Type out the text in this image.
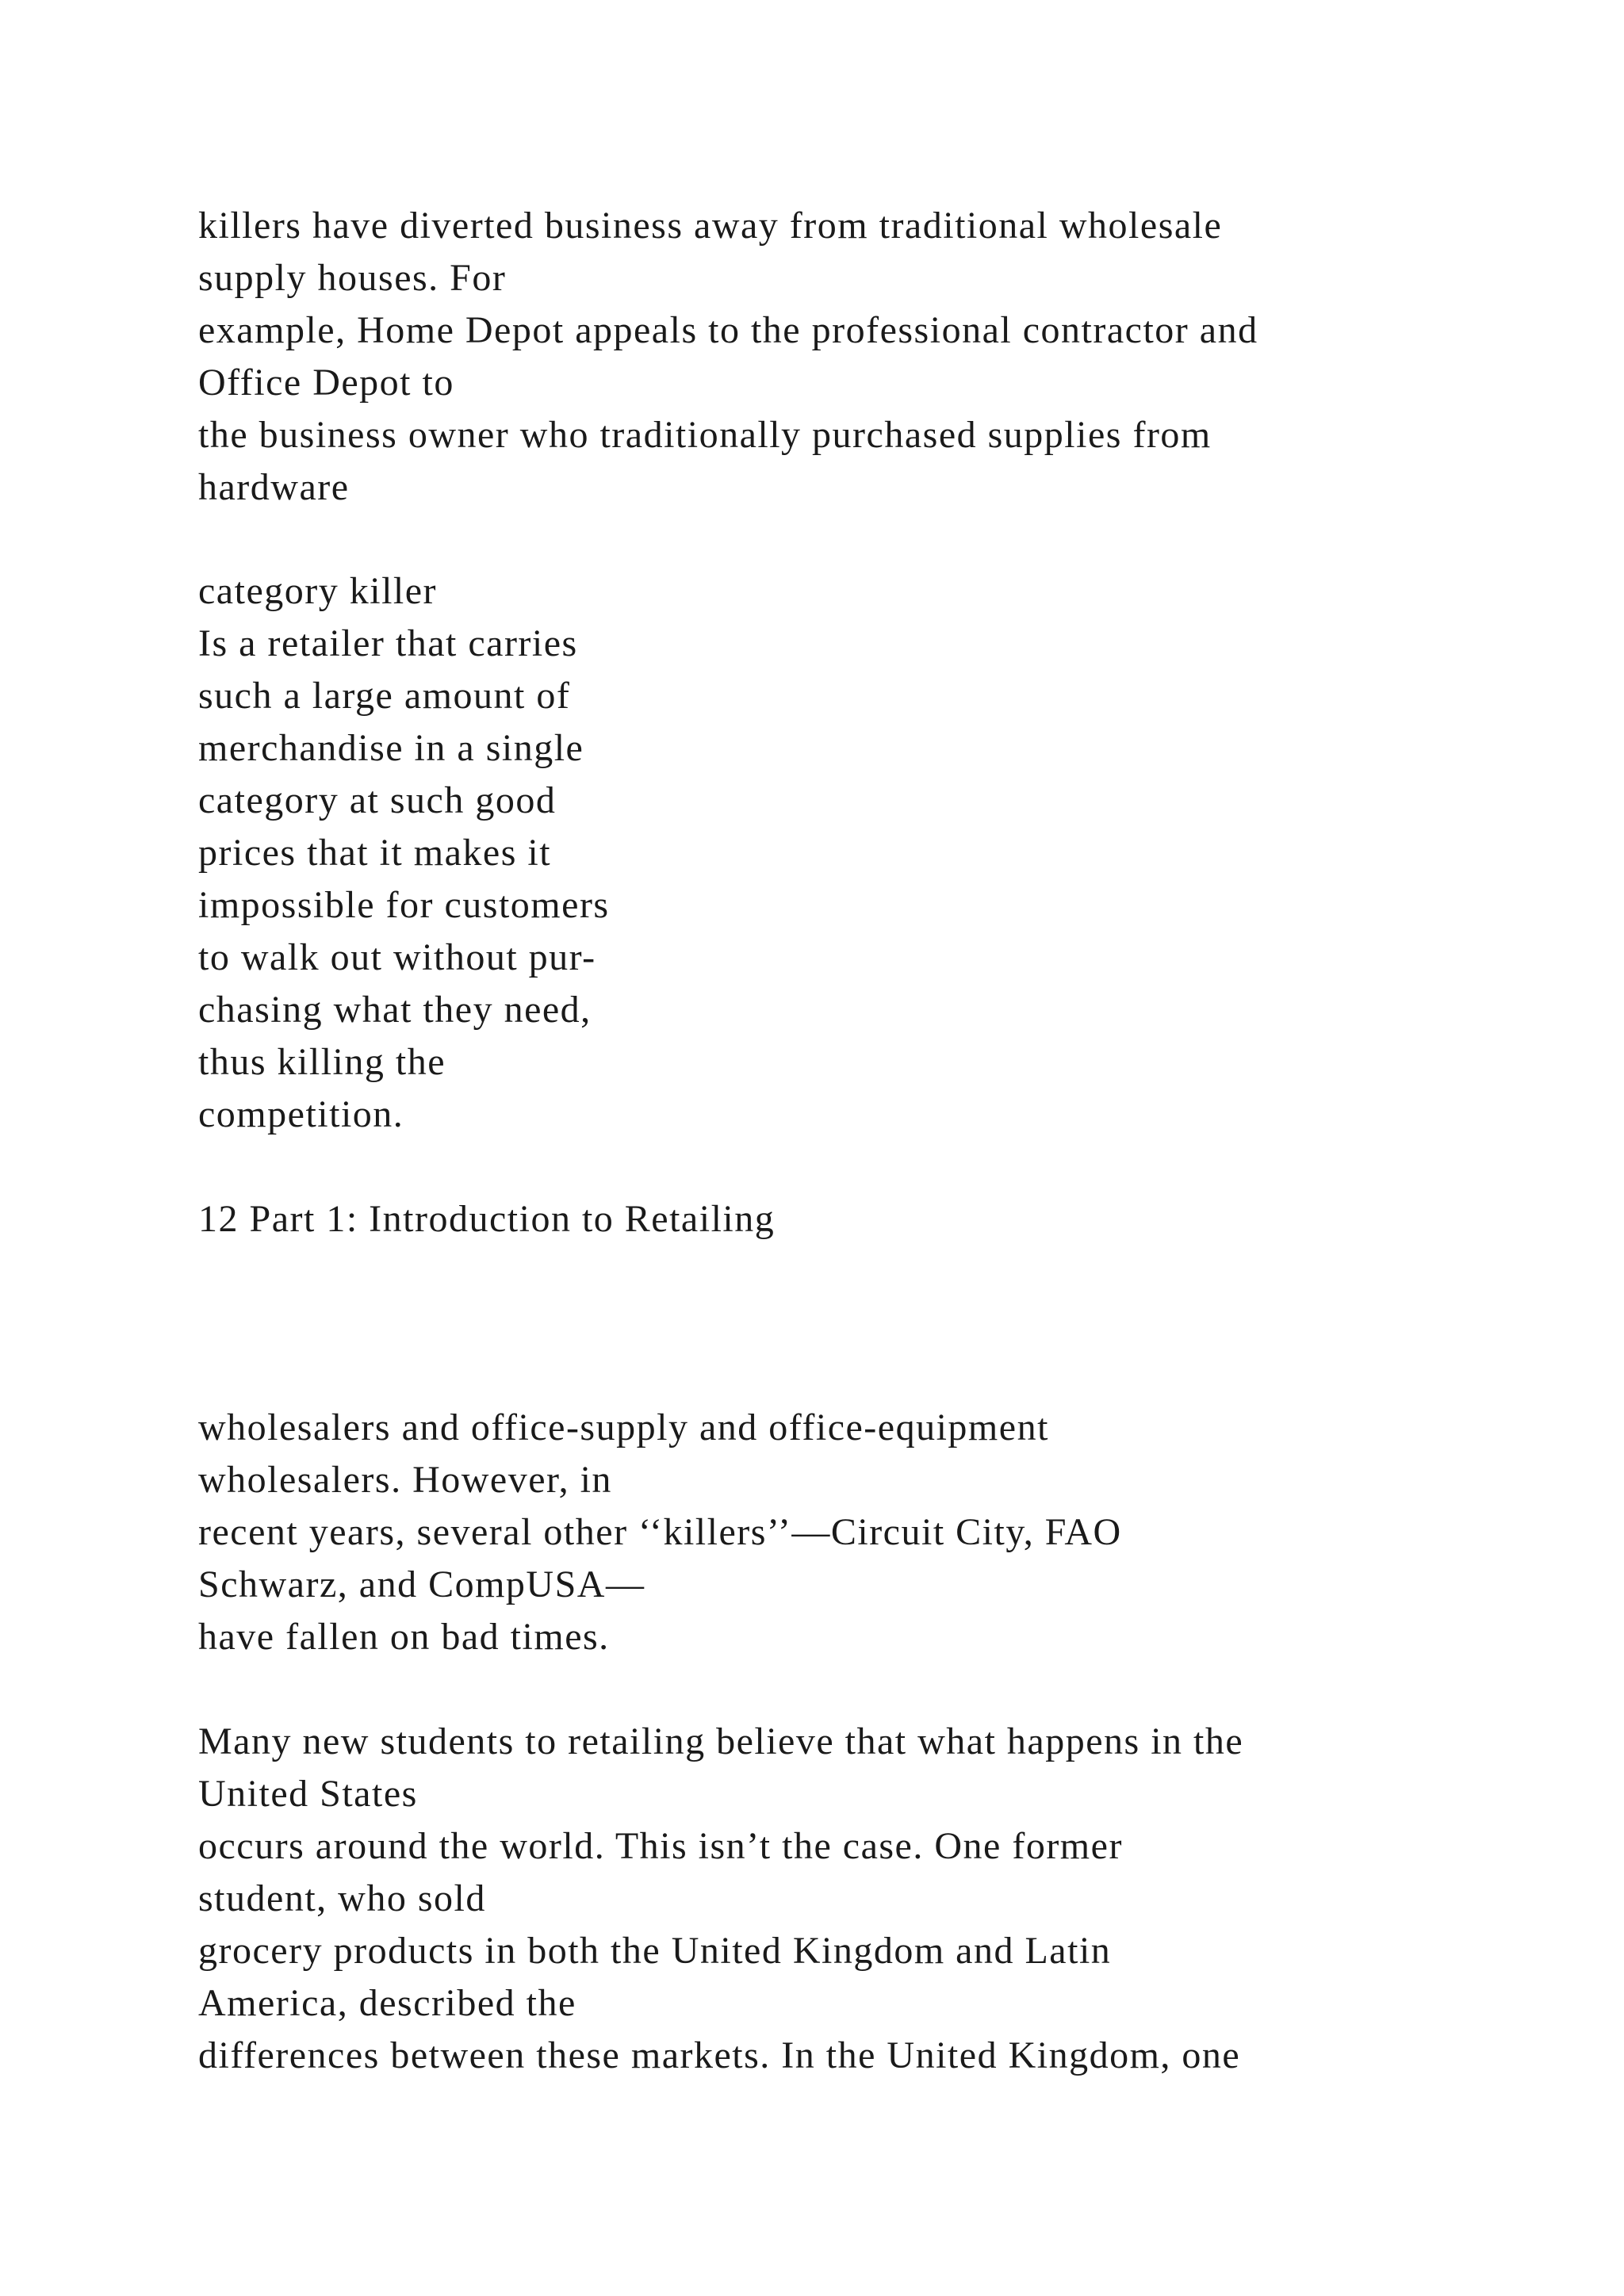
killers have diverted business away from traditional wholesale

supply houses. For

example, Home Depot appeals to the professional contractor and

Office Depot to

the business owner who traditionally purchased supplies from

hardware

category killer

Is a retailer that carries

such a large amount of

merchandise in a single

category at such good

prices that it makes it

impossible for customers

to walk out without pur-

chasing what they need,

thus killing the

competition.

12 Part 1: Introduction to Retailing

wholesalers and office-supply and office-equipment

wholesalers. However, in

recent years, several other ‘‘killers’’—Circuit City, FAO

Schwarz, and CompUSA—

have fallen on bad times.

Many new students to retailing believe that what happens in the

United States

occurs around the world. This isn’t the case. One former

student, who sold

grocery products in both the United Kingdom and Latin

America, described the

differences between these markets. In the United Kingdom, one
